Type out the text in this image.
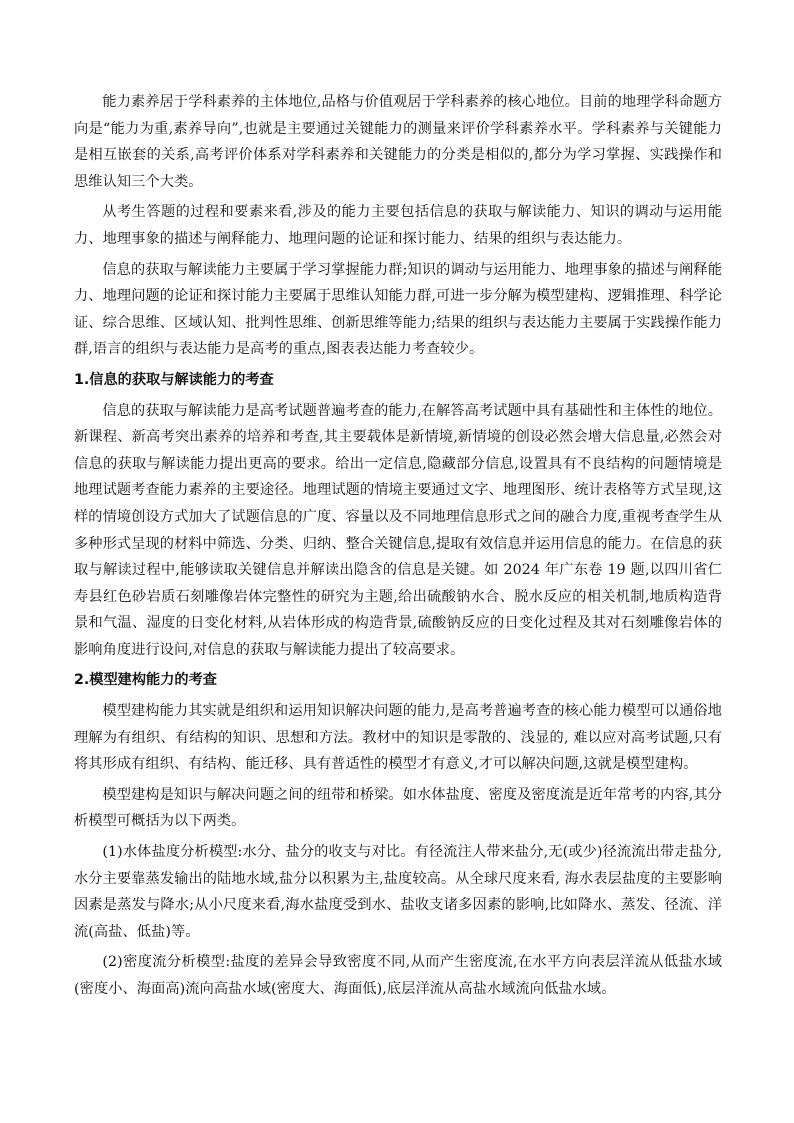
能力素养居于学科素养的主体地位,品格与价值观居于学科素养的核心地位。目前的地理学科命题方向是“能力为重,素养导向”,也就是主要通过关键能力的测量来评价学科素养水平。学科素养与关键能力是相互嵌套的关系,高考评价体系对学科素养和关键能力的分类是相似的,都分为学习掌握、实践操作和思维认知三个大类。

从考生答题的过程和要素来看,涉及的能力主要包括信息的获取与解读能力、知识的调动与运用能力、地理事象的描述与阐释能力、地理问题的论证和探讨能力、结果的组织与表达能力。

信息的获取与解读能力主要属于学习掌握能力群;知识的调动与运用能力、地理事象的描述与阐释能力、地理问题的论证和探讨能力主要属于思维认知能力群,可进一步分解为模型建构、逻辑推理、科学论证、综合思维、区域认知、批判性思维、创新思维等能力;结果的组织与表达能力主要属于实践操作能力群,语言的组织与表达能力是高考的重点,图表表达能力考查较少。

1.信息的获取与解读能力的考查

信息的获取与解读能力是高考试题普遍考查的能力,在解答高考试题中具有基础性和主体性的地位。新课程、新高考突出素养的培养和考查,其主要载体是新情境,新情境的创设必然会增大信息量,必然会对信息的获取与解读能力提出更高的要求。给出一定信息,隐藏部分信息,设置具有不良结构的问题情境是地理试题考查能力素养的主要途径。地理试题的情境主要通过文字、地理图形、统计表格等方式呈现,这样的情境创设方式加大了试题信息的广度、容量以及不同地理信息形式之间的融合力度,重视考查学生从多种形式呈现的材料中筛选、分类、归纳、整合关键信息,提取有效信息并运用信息的能力。在信息的获取与解读过程中,能够读取关键信息并解读出隐含的信息是关键。如 2024 年广东卷 19 题,以四川省仁寿县红色砂岩质石刻雕像岩体完整性的研究为主题,给出硫酸钠水合、脱水反应的相关机制,地质构造背景和气温、湿度的日变化材料,从岩体形成的构造背景,硫酸钠反应的日变化过程及其对石刻雕像岩体的影响角度进行设问,对信息的获取与解读能力提出了较高要求。

2.模型建构能力的考查

模型建构能力其实就是组织和运用知识解决问题的能力,是高考普遍考查的核心能力模型可以通俗地理解为有组织、有结构的知识、思想和方法。教材中的知识是零散的、浅显的, 难以应对高考试题,只有将其形成有组织、有结构、能迁移、具有普适性的模型才有意义,才可以解决问题,这就是模型建构。

模型建构是知识与解决问题之间的纽带和桥梁。如水体盐度、密度及密度流是近年常考的内容,其分析模型可概括为以下两类。

(1)水体盐度分析模型:水分、盐分的收支与对比。有径流注人带来盐分,无(或少)径流流出带走盐分,水分主要靠蒸发输出的陆地水域,盐分以积累为主,盐度较高。从全球尺度来看, 海水表层盐度的主要影响因素是蒸发与降水;从小尺度来看,海水盐度受到水、盐收支诸多因素的影响,比如降水、蒸发、径流、洋流(高盐、低盐)等。

(2)密度流分析模型:盐度的差异会导致密度不同,从而产生密度流,在水平方向表层洋流从低盐水域(密度小、海面高)流向高盐水域(密度大、海面低),底层洋流从高盐水域流向低盐水域。
